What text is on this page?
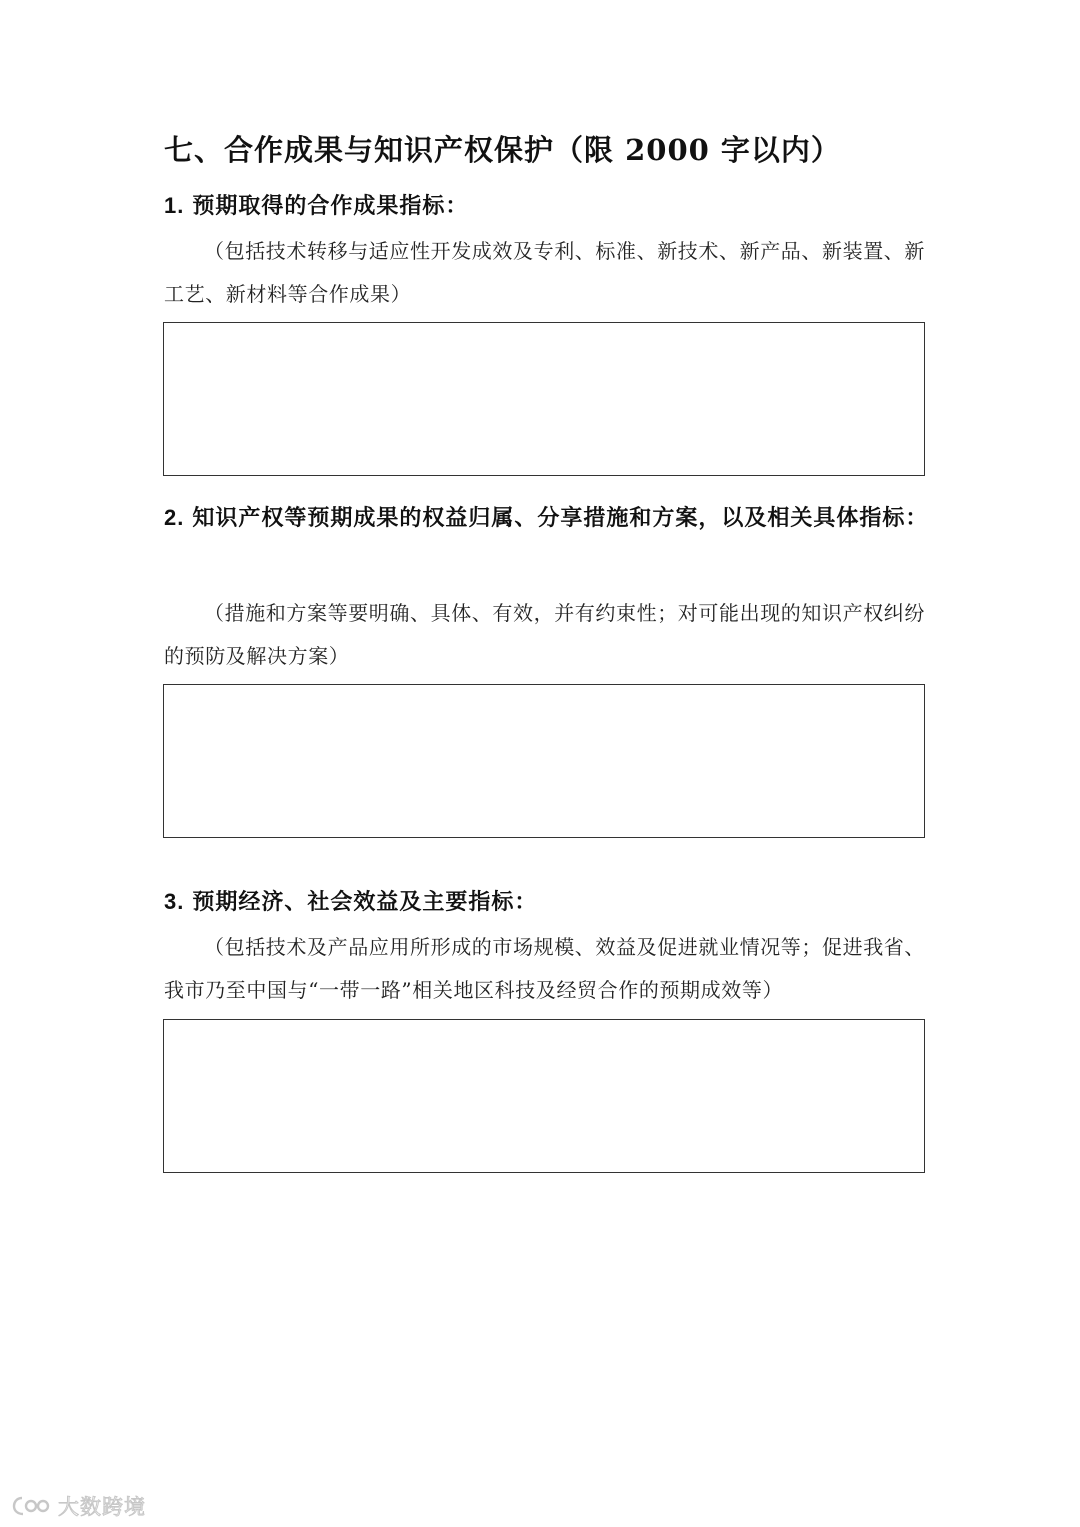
七、合作成果与知识产权保护（限 2000 字以内）
1. 预期取得的合作成果指标：
（包括技术转移与适应性开发成效及专利、标准、新技术、新产品、新装置、新工艺、新材料等合作成果）
2. 知识产权等预期成果的权益归属、分享措施和方案，以及相关具体指标：
（措施和方案等要明确、具体、有效，并有约束性；对可能出现的知识产权纠纷的预防及解决方案）
3. 预期经济、社会效益及主要指标：
（包括技术及产品应用所形成的市场规模、效益及促进就业情况等；促进我省、我市乃至中国与“一带一路”相关地区科技及经贸合作的预期成效等）
大数跨境
